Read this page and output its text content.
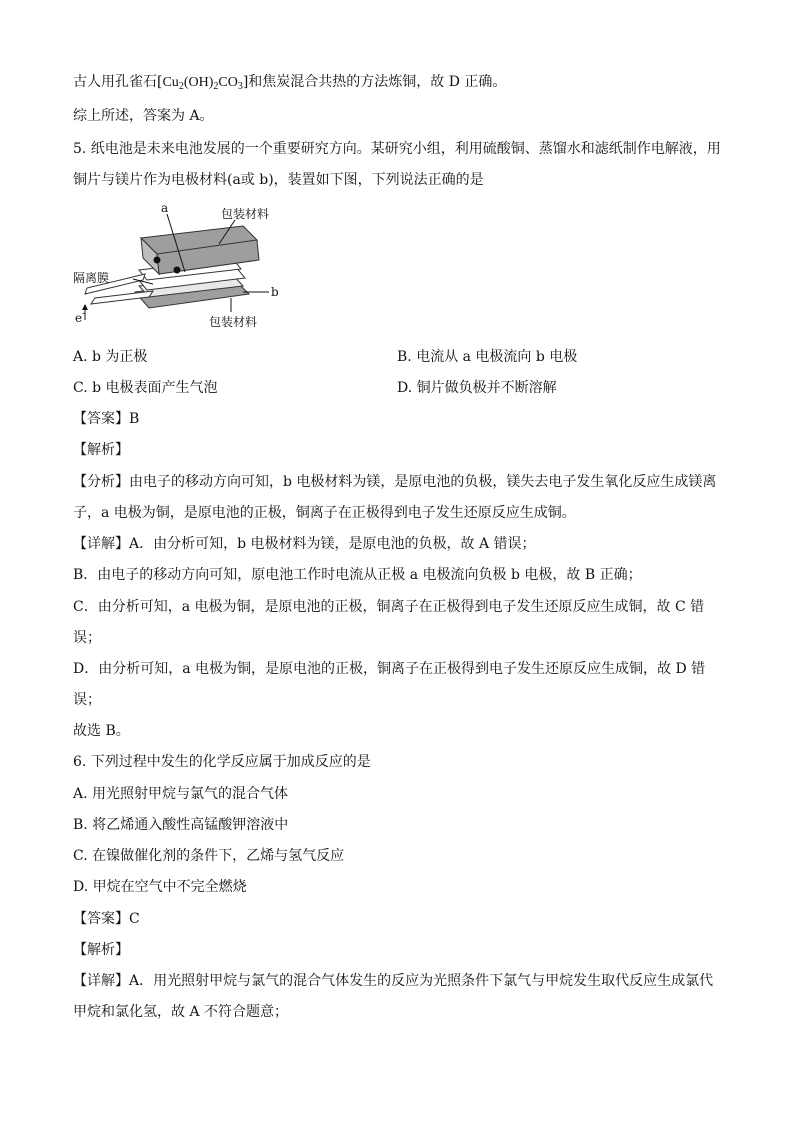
古人用孔雀石$[Cu_2(OH)_2CO_3]$和焦炭混合共热的方法炼铜，故 D 正确。
综上所述，答案为 A。
5. 纸电池是未来电池发展的一个重要研究方向。某研究小组，利用硫酸铜、蒸馏水和滤纸制作电解液，用
铜片与镁片作为电极材料(a或 b)，装置如下图，下列说法正确的是
a	包装材料
隔离膜
b
包装材料
e -
A. b 为正极	B. 电流从 a 电极流向 b 电极
C. b 电极表面产生气泡	D. 铜片做负极并不断溶解
【答案】B
【解析】
【分析】由电子的移动方向可知，b 电极材料为镁，是原电池的负极，镁失去电子发生氧化反应生成镁离
子，a 电极为铜，是原电池的正极，铜离子在正极得到电子发生还原反应生成铜。
【详解】A．由分析可知，b 电极材料为镁，是原电池的负极，故 A 错误；
B．由电子的移动方向可知，原电池工作时电流从正极 a 电极流向负极 b 电极，故 B 正确；
C．由分析可知，a 电极为铜，是原电池的正极，铜离子在正极得到电子发生还原反应生成铜，故 C 错
误；
D．由分析可知，a 电极为铜，是原电池的正极，铜离子在正极得到电子发生还原反应生成铜，故 D 错
误；
故选 B。
6. 下列过程中发生的化学反应属于加成反应的是
A. 用光照射甲烷与氯气的混合气体
B. 将乙烯通入酸性高锰酸钾溶液中
C. 在镍做催化剂的条件下，乙烯与氢气反应
D. 甲烷在空气中不完全燃烧
【答案】C
【解析】
【详解】A．用光照射甲烷与氯气的混合气体发生的反应为光照条件下氯气与甲烷发生取代反应生成氯代
甲烷和氯化氢，故 A 不符合题意；
